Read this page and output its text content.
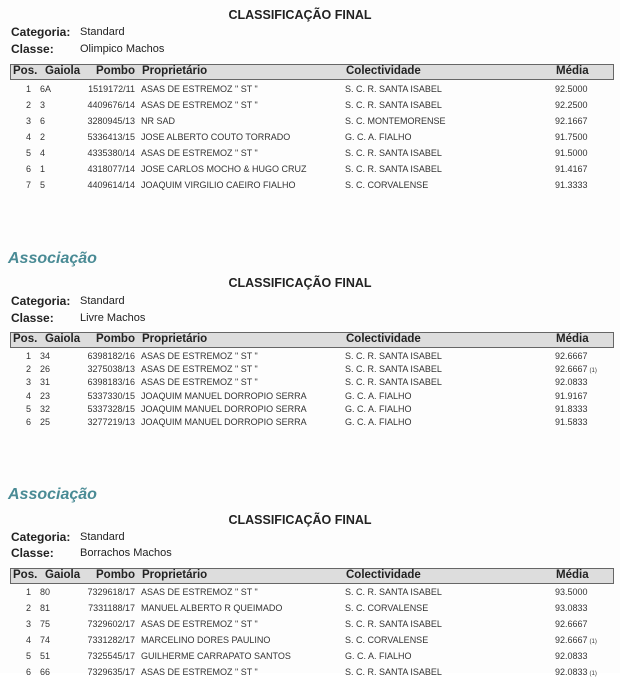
CLASSIFICAÇÃO FINAL
Categoria: Standard
Classe: Olimpico Machos
Pos. Gaiola	Pombo Proprietário	Colectividade	Média
1 6A	1519172/11 ASAS DE ESTREMOZ " ST "	S. C. R. SANTA ISABEL	92.5000
2 3	4409676/14 ASAS DE ESTREMOZ " ST "	S. C. R. SANTA ISABEL	92.2500
3 6	3280945/13 NR SAD	S. C. MONTEMORENSE	92.1667
4 2	5336413/15 JOSE ALBERTO COUTO TORRADO	G. C. A. FIALHO	91.7500
5 4	4335380/14 ASAS DE ESTREMOZ " ST "	S. C. R. SANTA ISABEL	91.5000
6 1	4318077/14 JOSE CARLOS MOCHO & HUGO CRUZ	S. C. R. SANTA ISABEL	91.4167
7 5	4409614/14 JOAQUIM VIRGILIO CAEIRO FIALHO	S. C. CORVALENSE	91.3333
Associação
CLASSIFICAÇÃO FINAL
Categoria: Standard
Classe: Livre Machos
Pos. Gaiola	Pombo Proprietário	Colectividade	Média
1 34	6398182/16 ASAS DE ESTREMOZ " ST "	S. C. R. SANTA ISABEL	92.6667
2 26	3275038/13 ASAS DE ESTREMOZ " ST "	S. C. R. SANTA ISABEL	92.6667 (1)
3 31	6398183/16 ASAS DE ESTREMOZ " ST "	S. C. R. SANTA ISABEL	92.0833
4 23	5337330/15 JOAQUIM MANUEL DORROPIO SERRA	G. C. A. FIALHO	91.9167
5 32	5337328/15 JOAQUIM MANUEL DORROPIO SERRA	G. C. A. FIALHO	91.8333
6 25	3277219/13 JOAQUIM MANUEL DORROPIO SERRA	G. C. A. FIALHO	91.5833
Associação
CLASSIFICAÇÃO FINAL
Categoria: Standard
Classe: Borrachos Machos
Pos. Gaiola	Pombo Proprietário	Colectividade	Média
1 80	7329618/17 ASAS DE ESTREMOZ " ST "	S. C. R. SANTA ISABEL	93.5000
2 81	7331188/17 MANUEL ALBERTO R QUEIMADO	S. C. CORVALENSE	93.0833
3 75	7329602/17 ASAS DE ESTREMOZ " ST "	S. C. R. SANTA ISABEL	92.6667
4 74	7331282/17 MARCELINO DORES PAULINO	S. C. CORVALENSE	92.6667 (1)
5 51	7325545/17 GUILHERME CARRAPATO SANTOS	G. C. A. FIALHO	92.0833
6 66	7329635/17 ASAS DE ESTREMOZ " ST "	S. C. R. SANTA ISABEL	92.0833 (1)
